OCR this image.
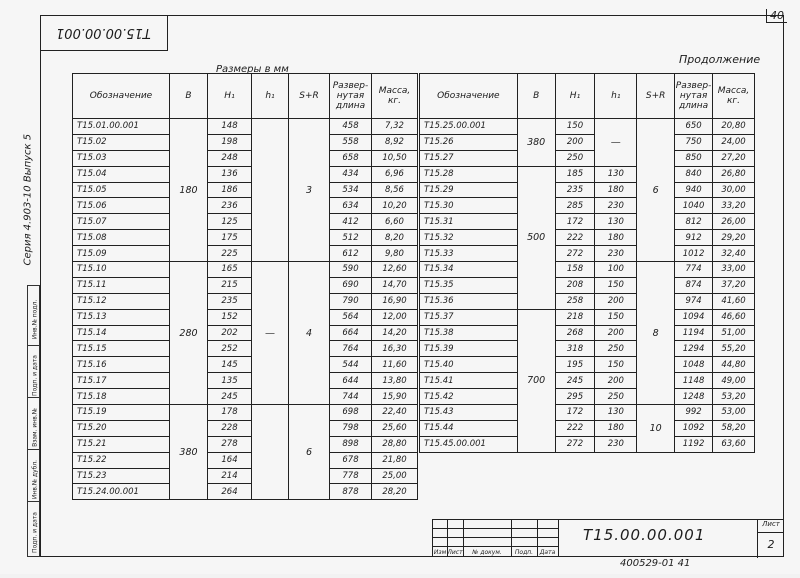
40
Т15.00.00.001
Серия 4.903-10 Выпуск 5
Инв.№ подл.
Подп. и дата
Взам. инв.№
Инв.№ дубл.
Подп. и дата
Продолжение
Размеры в мм
Обозначение	В	H₁	h₁	S+R	Развер-нутая длина	Масса, кг.
Т15.01.00.001	180	148		3	458	7,32
Т15.02		198			558	8,92
Т15.03		248			658	10,50
Т15.04		136			434	6,96
Т15.05		186			534	8,56
Т15.06		236			634	10,20
Т15.07		125			412	6,60
Т15.08		175			512	8,20
Т15.09		225			612	9,80
Т15.10	280	165	—	4	590	12,60
Т15.11		215			690	14,70
Т15.12		235			790	16,90
Т15.13		152			564	12,00
Т15.14		202			664	14,20
Т15.15		252			764	16,30
Т15.16		145			544	11,60
Т15.17		135			644	13,80
Т15.18		245			744	15,90
Т15.19	380	178		6	698	22,40
Т15.20		228			798	25,60
Т15.21		278			898	28,80
Т15.22		164			678	21,80
Т15.23		214			778	25,00
Т15.24.00.001		264			878	28,20
Обозначение	В	H₁	h₁	S+R	Развер-нутая длина	Масса, кг.
Т15.25.00.001	380	150	—	6	650	20,80
Т15.26		200			750	24,00
Т15.27		250			850	27,20
Т15.28	500	185	130		840	26,80
Т15.29		235	180		940	30,00
Т15.30		285	230		1040	33,20
Т15.31		172	130		812	26,00
Т15.32		222	180		912	29,20
Т15.33		272	230		1012	32,40
Т15.34		158	100	8	774	33,00
Т15.35		208	150		874	37,20
Т15.36		258	200		974	41,60
Т15.37	700	218	150		1094	46,60
Т15.38		268	200		1194	51,00
Т15.39		318	250		1294	55,20
Т15.40		195	150		1048	44,80
Т15.41		245	200		1148	49,00
Т15.42		295	250		1248	53,20
Т15.43		172	130	10	992	53,00
Т15.44		222	180		1092	58,20
Т15.45.00.001		272	230		1192	63,60
Изм Лист	№ докум.	Подп.	Дата
Т15.00.00.001
Лист
2
400529-01 41
